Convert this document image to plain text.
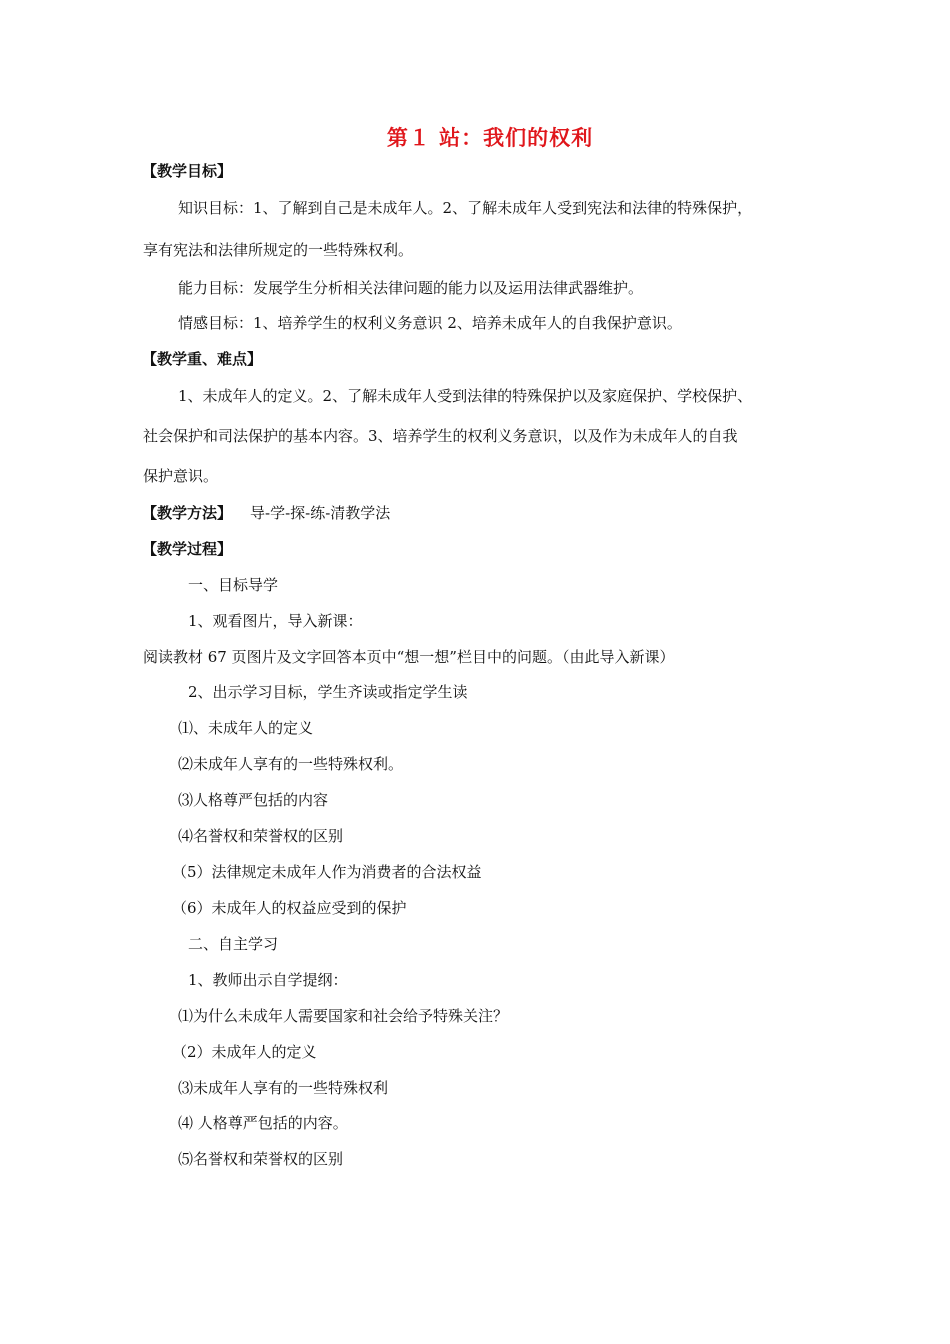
第１ 站：我们的权利
【教学目标】
知识目标：1、了解到自己是未成年人。2、了解未成年人受到宪法和法律的特殊保护，
享有宪法和法律所规定的一些特殊权利。
能力目标：发展学生分析相关法律问题的能力以及运用法律武器维护。
情感目标：1、培养学生的权利义务意识 2、培养未成年人的自我保护意识。
【教学重、难点】
1、未成年人的定义。2、了解未成年人受到法律的特殊保护以及家庭保护、学校保护、
社会保护和司法保护的基本内容。3、培养学生的权利义务意识，以及作为未成年人的自我
保护意识。
【教学方法】 导-学-探-练-清教学法
【教学过程】
一、目标导学
1、观看图片，导入新课：
阅读教材 67 页图片及文字回答本页中“想一想”栏目中的问题。（由此导入新课）
2、出示学习目标，学生齐读或指定学生读
⑴、未成年人的定义
⑵未成年人享有的一些特殊权利。
⑶人格尊严包括的内容
⑷名誉权和荣誉权的区别
（5）法律规定未成年人作为消费者的合法权益
（6）未成年人的权益应受到的保护
二、自主学习
1、教师出示自学提纲：
⑴为什么未成年人需要国家和社会给予特殊关注？
（2）未成年人的定义
⑶未成年人享有的一些特殊权利
⑷ 人格尊严包括的内容。
⑸名誉权和荣誉权的区别
